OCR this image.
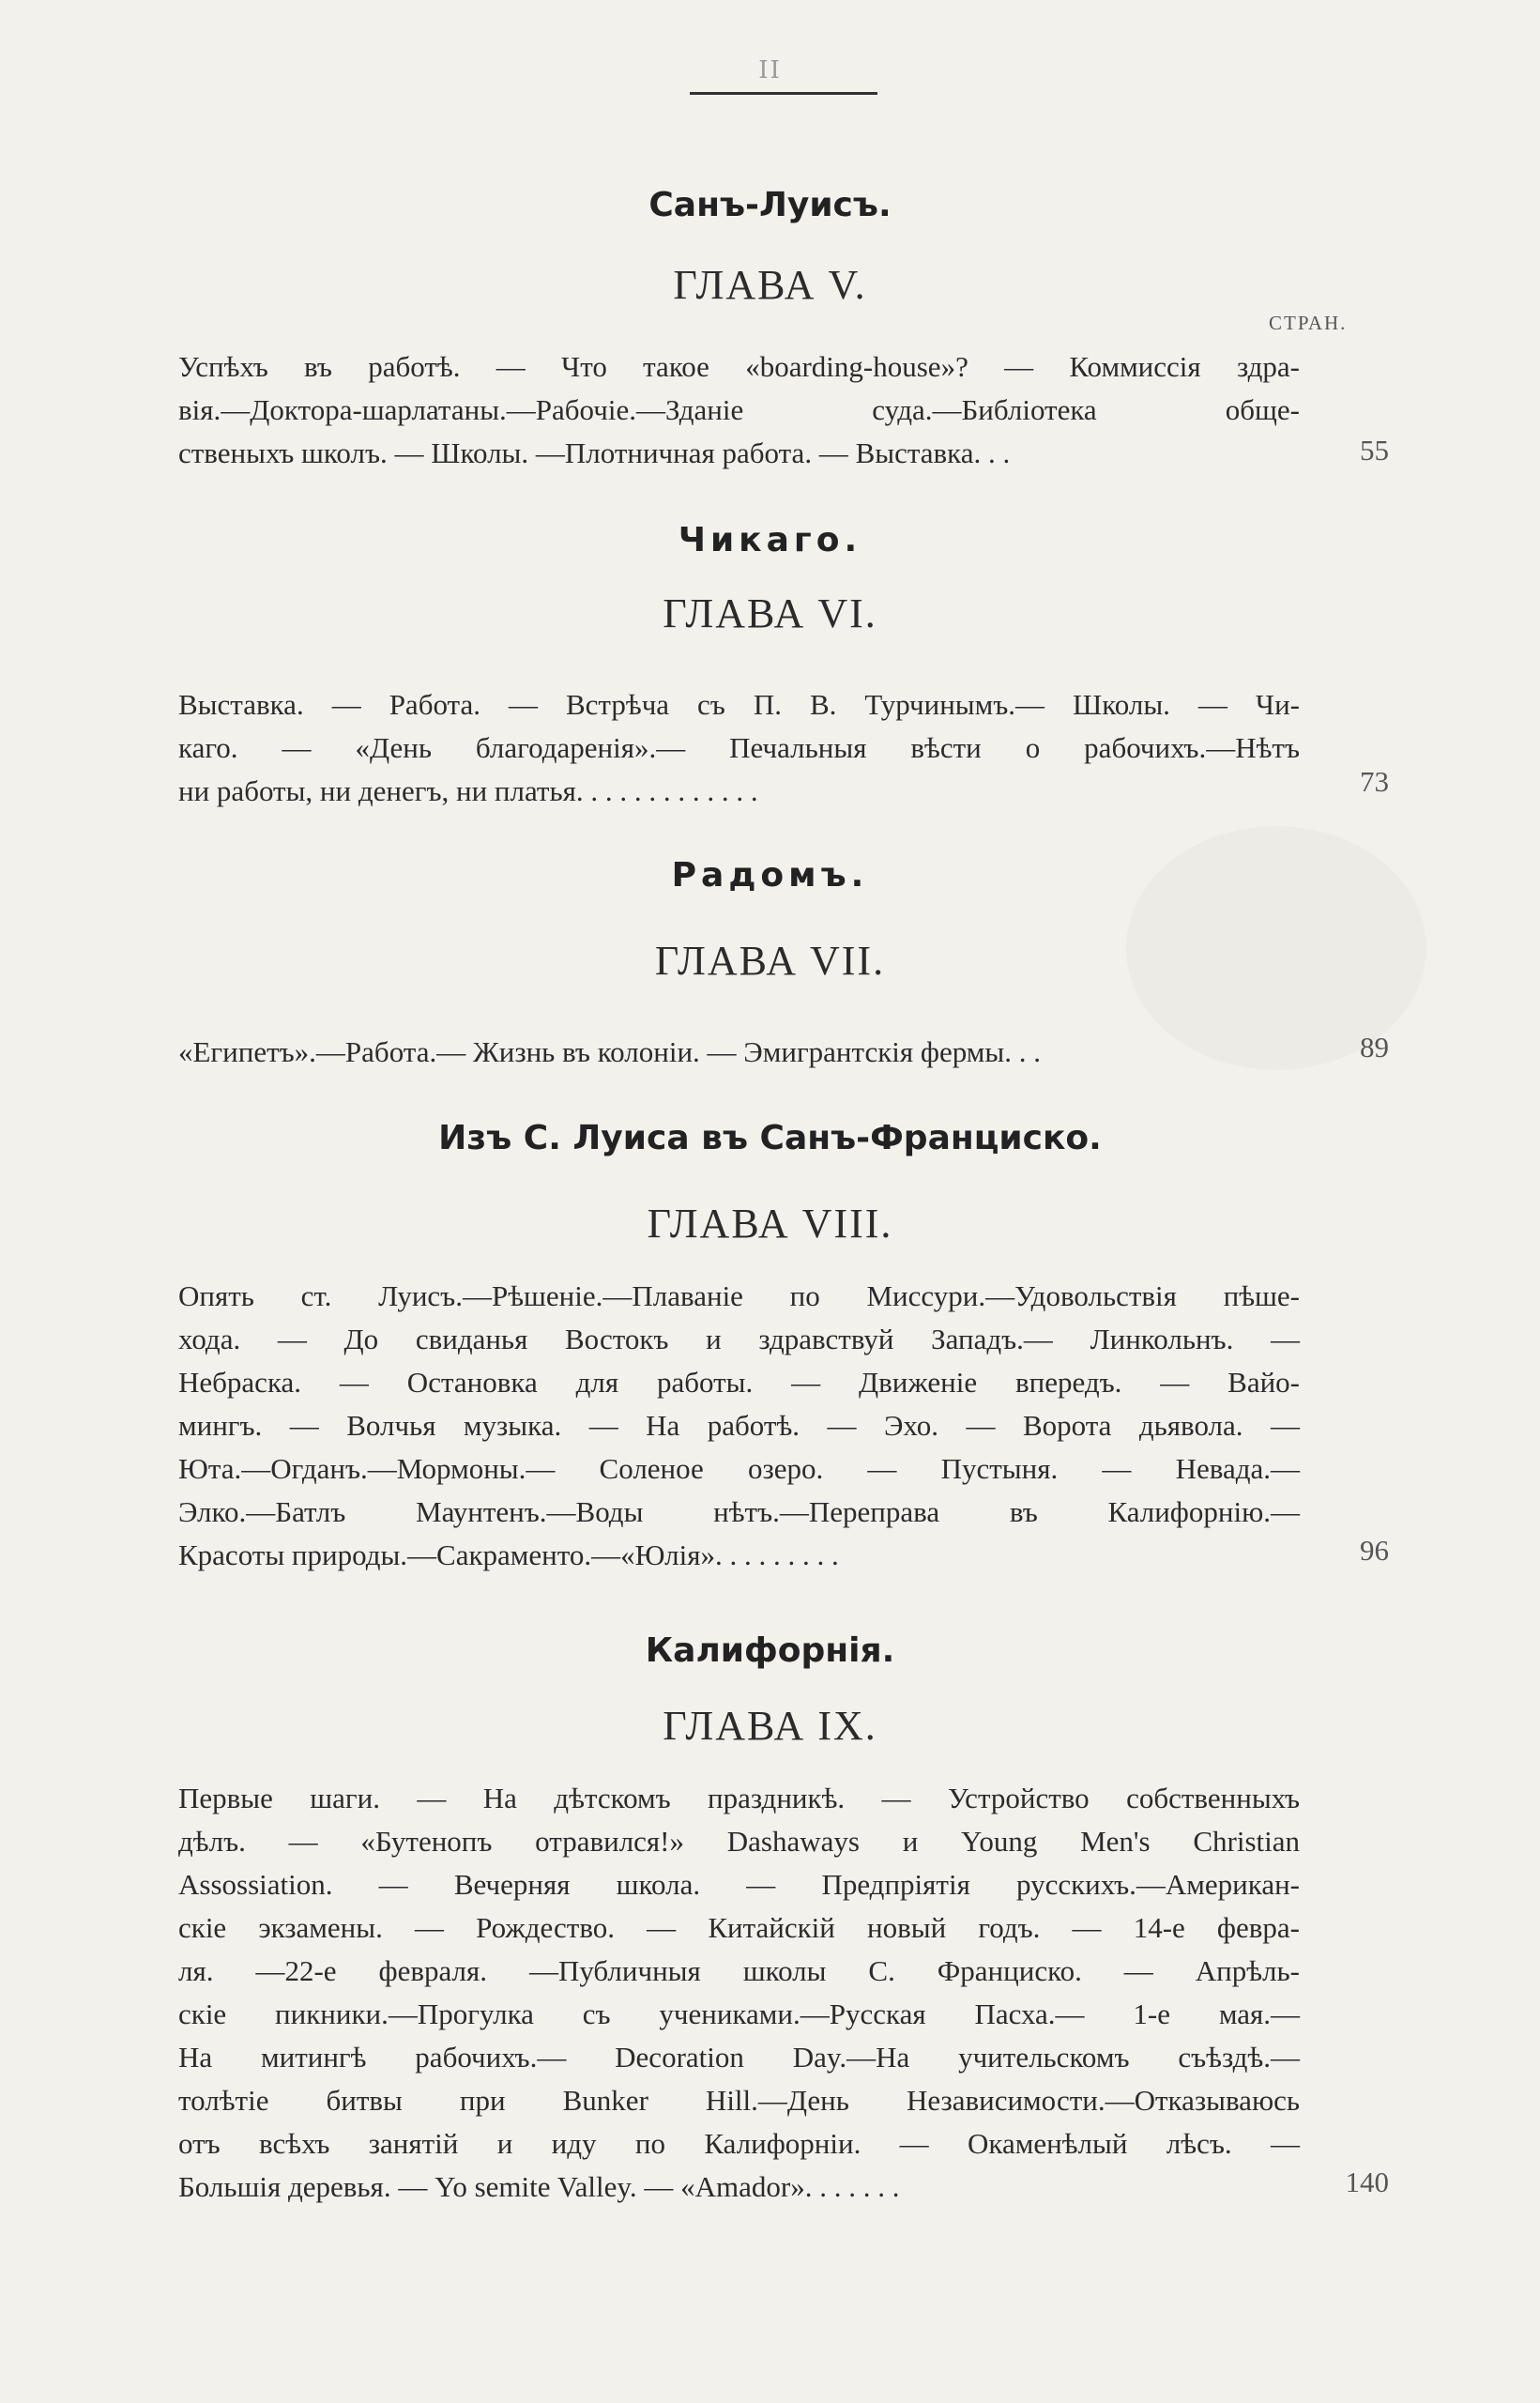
II
СТРАН.
Санъ-Луисъ.
ГЛАВА V.
Успѣхъ въ работѣ. — Что такое «boarding-house»? — Коммиссія здра-
вія.—Доктора-шарлатаны.—Рабочіе.—Зданіе суда.—Библіотека обще-
ственыхъ школъ. — Школы. —Плотничная работа. — Выставка. . .	55
Чикаго.
ГЛАВА VI.
Выставка. — Работа. — Встрѣча съ П. В. Турчинымъ.— Школы. — Чи-
каго. — «День благодаренія».— Печальныя вѣсти о рабочихъ.—Нѣтъ
ни работы, ни денегъ, ни платья. . . . . . . . . . . . .	73
Радомъ.
ГЛАВА VII.
«Египетъ».—Работа.— Жизнь въ колоніи. — Эмигрантскія фермы. . .	89
Изъ С. Луиса въ Санъ-Франциско.
ГЛАВА VIII.
Опять ст. Луисъ.—Рѣшеніе.—Плаваніе по Миссури.—Удовольствія пѣше-
хода. — До свиданья Востокъ и здравствуй Западъ.— Линкольнъ. —
Небраска. — Остановка для работы. — Движеніе впередъ. — Вайо-
мингъ. — Волчья музыка. — На работѣ. — Эхо. — Ворота дьявола. —
Юта.—Огданъ.—Мормоны.— Соленое озеро. — Пустыня. — Невада.—
Элко.—Батлъ Маунтенъ.—Воды нѣтъ.—Переправа въ Калифорнію.—
Красоты природы.—Сакраменто.—«Юлія». . . . . . . . .	96
Калифорнія.
ГЛАВА IX.
Первые шаги. — На дѣтскомъ праздникѣ. — Устройство собственныхъ
дѣлъ. — «Бутенопъ отравился!» Dashaways и Young Men's Christian
Assossiation. — Вечерняя школа. — Предпріятія русскихъ.—Американ-
скіе экзамены. — Рождество. — Китайскій новый годъ. — 14-е февра-
ля. —22-е февраля. —Публичныя школы С. Франциско. — Апрѣль-
скіе пикники.—Прогулка съ учениками.—Русская Пасха.— 1-е мая.—
На митингѣ рабочихъ.— Decoration Day.—На учительскомъ съѣздѣ.—
толѣтіе битвы при Bunker Hill.—День Независимости.—Отказываюсь
отъ всѣхъ занятій и иду по Калифорніи. — Окаменѣлый лѣсъ. —
Большія деревья. — Yo semite Valley. — «Amador». . . . . . .	140
